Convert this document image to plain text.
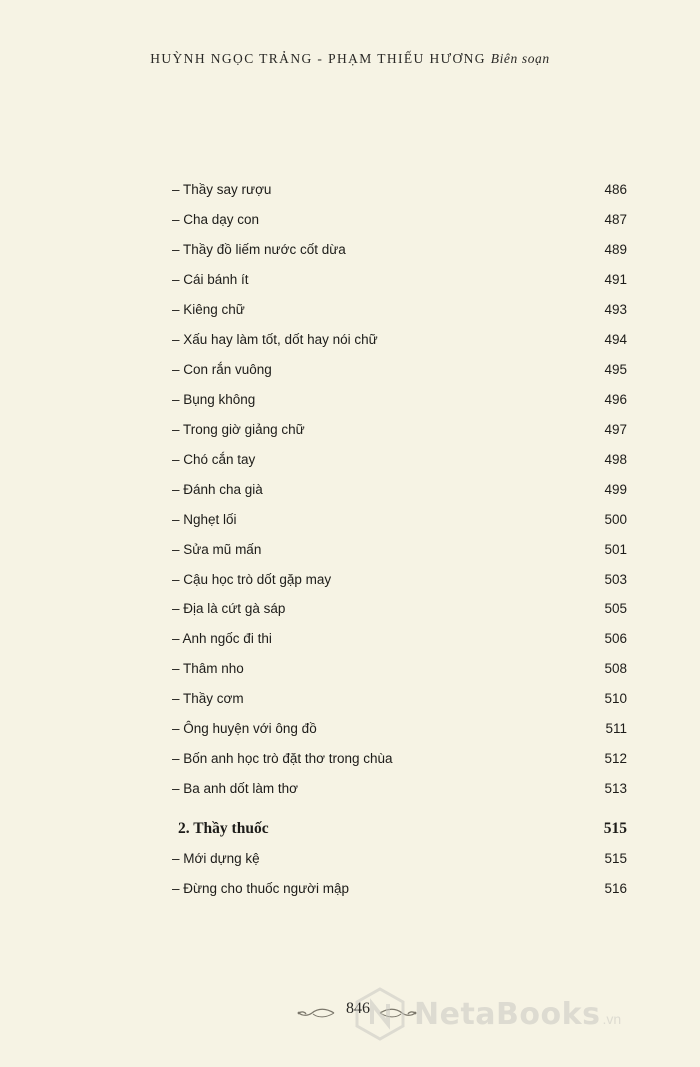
HUỲNH NGỌC TRẢNG - PHẠM THIẾU HƯƠNG Biên soạn
– Thầy say rượu	486
– Cha dạy con	487
– Thầy đồ liếm nước cốt dừa	489
– Cái bánh ít	491
– Kiêng chữ	493
– Xấu hay làm tốt, dốt hay nói chữ	494
– Con rắn vuông	495
– Bụng không	496
– Trong giờ giảng chữ	497
– Chó cắn tay	498
– Đánh cha già	499
– Nghẹt lối	500
– Sửa mũ mấn	501
– Cậu học trò dốt gặp may	503
– Địa là cứt gà sáp	505
– Anh ngốc đi thi	506
– Thâm nho	508
– Thầy cơm	510
– Ông huyện với ông đồ	511
– Bốn anh học trò đặt thơ trong chùa	512
– Ba anh dốt làm thơ	513
2. Thầy thuốc	515
– Mới dựng kệ	515
– Đừng cho thuốc người mập	516
846 NetaBooks .vn
